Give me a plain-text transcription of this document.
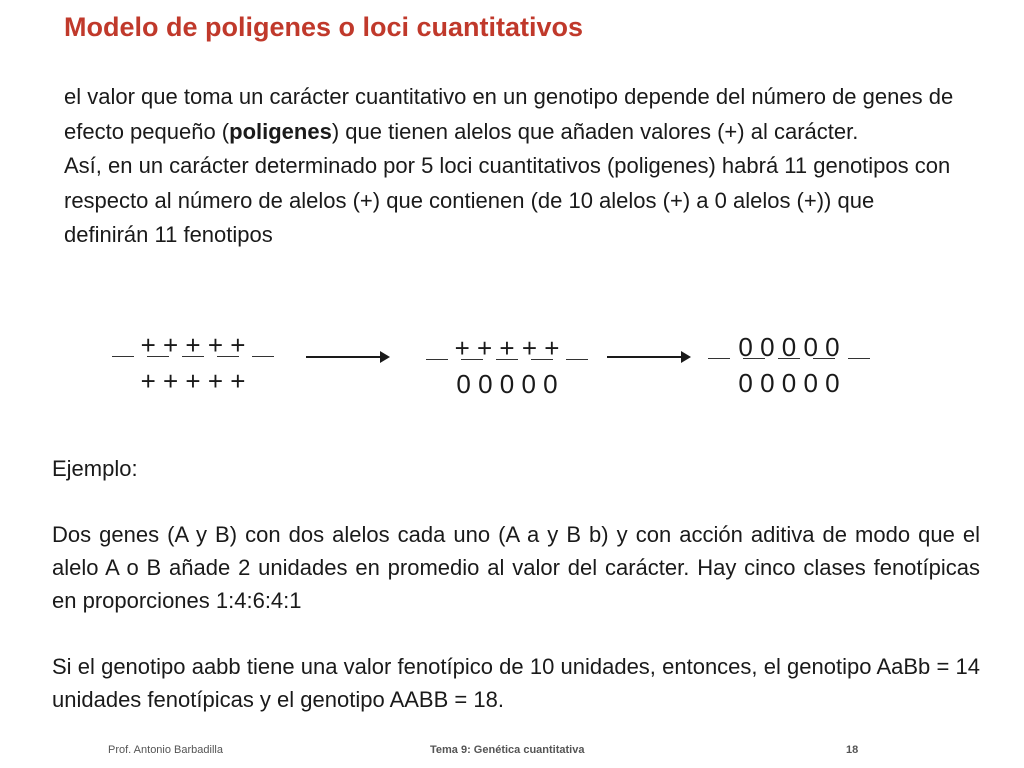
Modelo de poligenes o loci cuantitativos

el valor que toma un carácter cuantitativo en un genotipo depende del número de genes de efecto pequeño (poligenes) que tienen alelos que añaden valores (+) al carácter.

Así, en un carácter determinado por 5 loci cuantitativos (poligenes) habrá 11 genotipos con respecto al número de alelos (+) que contienen (de 10 alelos (+) a 0 alelos (+)) que definirán 11 fenotipos

+ + + + +
+ + + + +
+ + + + +
0 0 0 0 0
0 0 0 0 0
0 0 0 0 0

Ejemplo:

Dos genes (A y B) con dos alelos cada uno (A a y B b) y con acción aditiva de modo que el alelo A o B añade 2 unidades en promedio al valor del carácter. Hay cinco clases fenotípicas en proporciones 1:4:6:4:1

Si el genotipo aabb tiene una valor fenotípico de 10 unidades, entonces, el genotipo AaBb = 14 unidades fenotípicas y el genotipo AABB = 18.

Prof. Antonio Barbadilla	Tema 9: Genética cuantitativa	18
